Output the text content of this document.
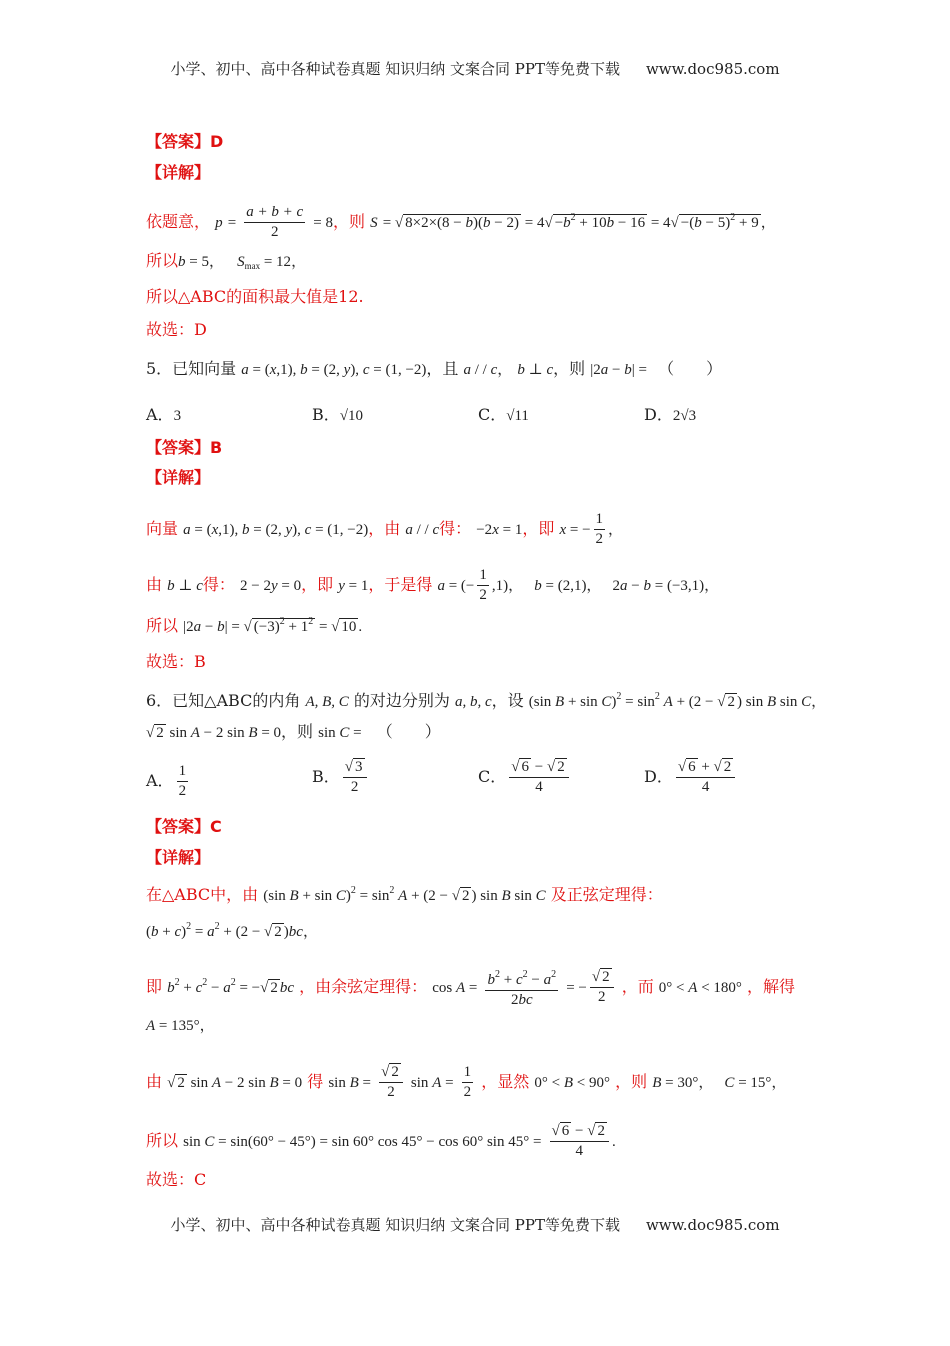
小学、初中、高中各种试卷真题 知识归纳 文案合同 PPT等免费下载 www.doc985.com
【答案】D
【详解】
依题意， $p = \frac{a + b + c}{2} = 8$，则 S = √ $8\times 2\times(8 - b)(b - 2) = 4√ -b^2 + 10b - 16 = 4√ -(b - 5)^2 + 9$ ，
所以b = 5， $S_{max} = 12$，
所以△ABC的面积最大值是12.
故选：D
5．已知向量 a = (x,1), b = (2, y), c = (1, −2)，且 a / / c， b ⊥ c，则 |2a − b| = （　　）
A．3	B．√10	C．√11	D．2√3
【答案】B
【详解】
向量 a = (x,1), b = (2, y), c = (1, −2)，由 a / / c得： −2x = 1，即 x = − $\frac{1}{2}$ ，
由 b ⊥ c得： 2 − 2y = 0，即 y = 1，于是得 a = (− $\frac{1}{2} ,1$)， b = (2,1)， 2a − b = (−3,1)，
所以 |2a − b| = √ $(-3)^2 + 1^2$ = √ 10 .
故选：B
6．已知△ABC的内角 A, B, C 的对边分别为 a, b, c，设 (sin $B + \sin C)^2 = \sin^2 A + (2$ − √ 2 ) sin B sin C，
√ 2 sin A − 2 sin B = 0，则 sin C = （　　）
A． $\frac{1}{2}$	B． $\frac{√ 3}{2}$	C． $\frac{√ 6 - √ 2}{4}$	D． $\frac{√ 6 + √ 2}{4}$
【答案】C
【详解】
在△ABC中，由 (sin $B + \sin C)^2 = \sin^2 A + (2$ − √ 2 ) sin B sin C 及正弦定理得：
$(b + c)^2 = a^2 + (2$ − √ 2 )bc，
即 $b^2 + c^2 - a^2$ = −√ 2 bc ，由余弦定理得： $\cos A = \frac{b^2 + c^2 - a^2}{2bc}$ = − $\frac{√ 2}{2}$ ，而 0° < A < 180° ，解得
A = 135°，
由 √ 2 sin A − 2 sin B = 0 得 $\sin B = \frac{√ 2}{2}$ $\sin A = \frac{1}{2}$ ，显然 0° < B < 90° ，则 B = 30°， C = 15°，
所以 sin C = sin(60° − 45°) = sin 60° cos 45° − cos 60° $\sin 45^\circ = \frac{√ 6 - √ 2}{4}$ .
故选：C
小学、初中、高中各种试卷真题 知识归纳 文案合同 PPT等免费下载 www.doc985.com
